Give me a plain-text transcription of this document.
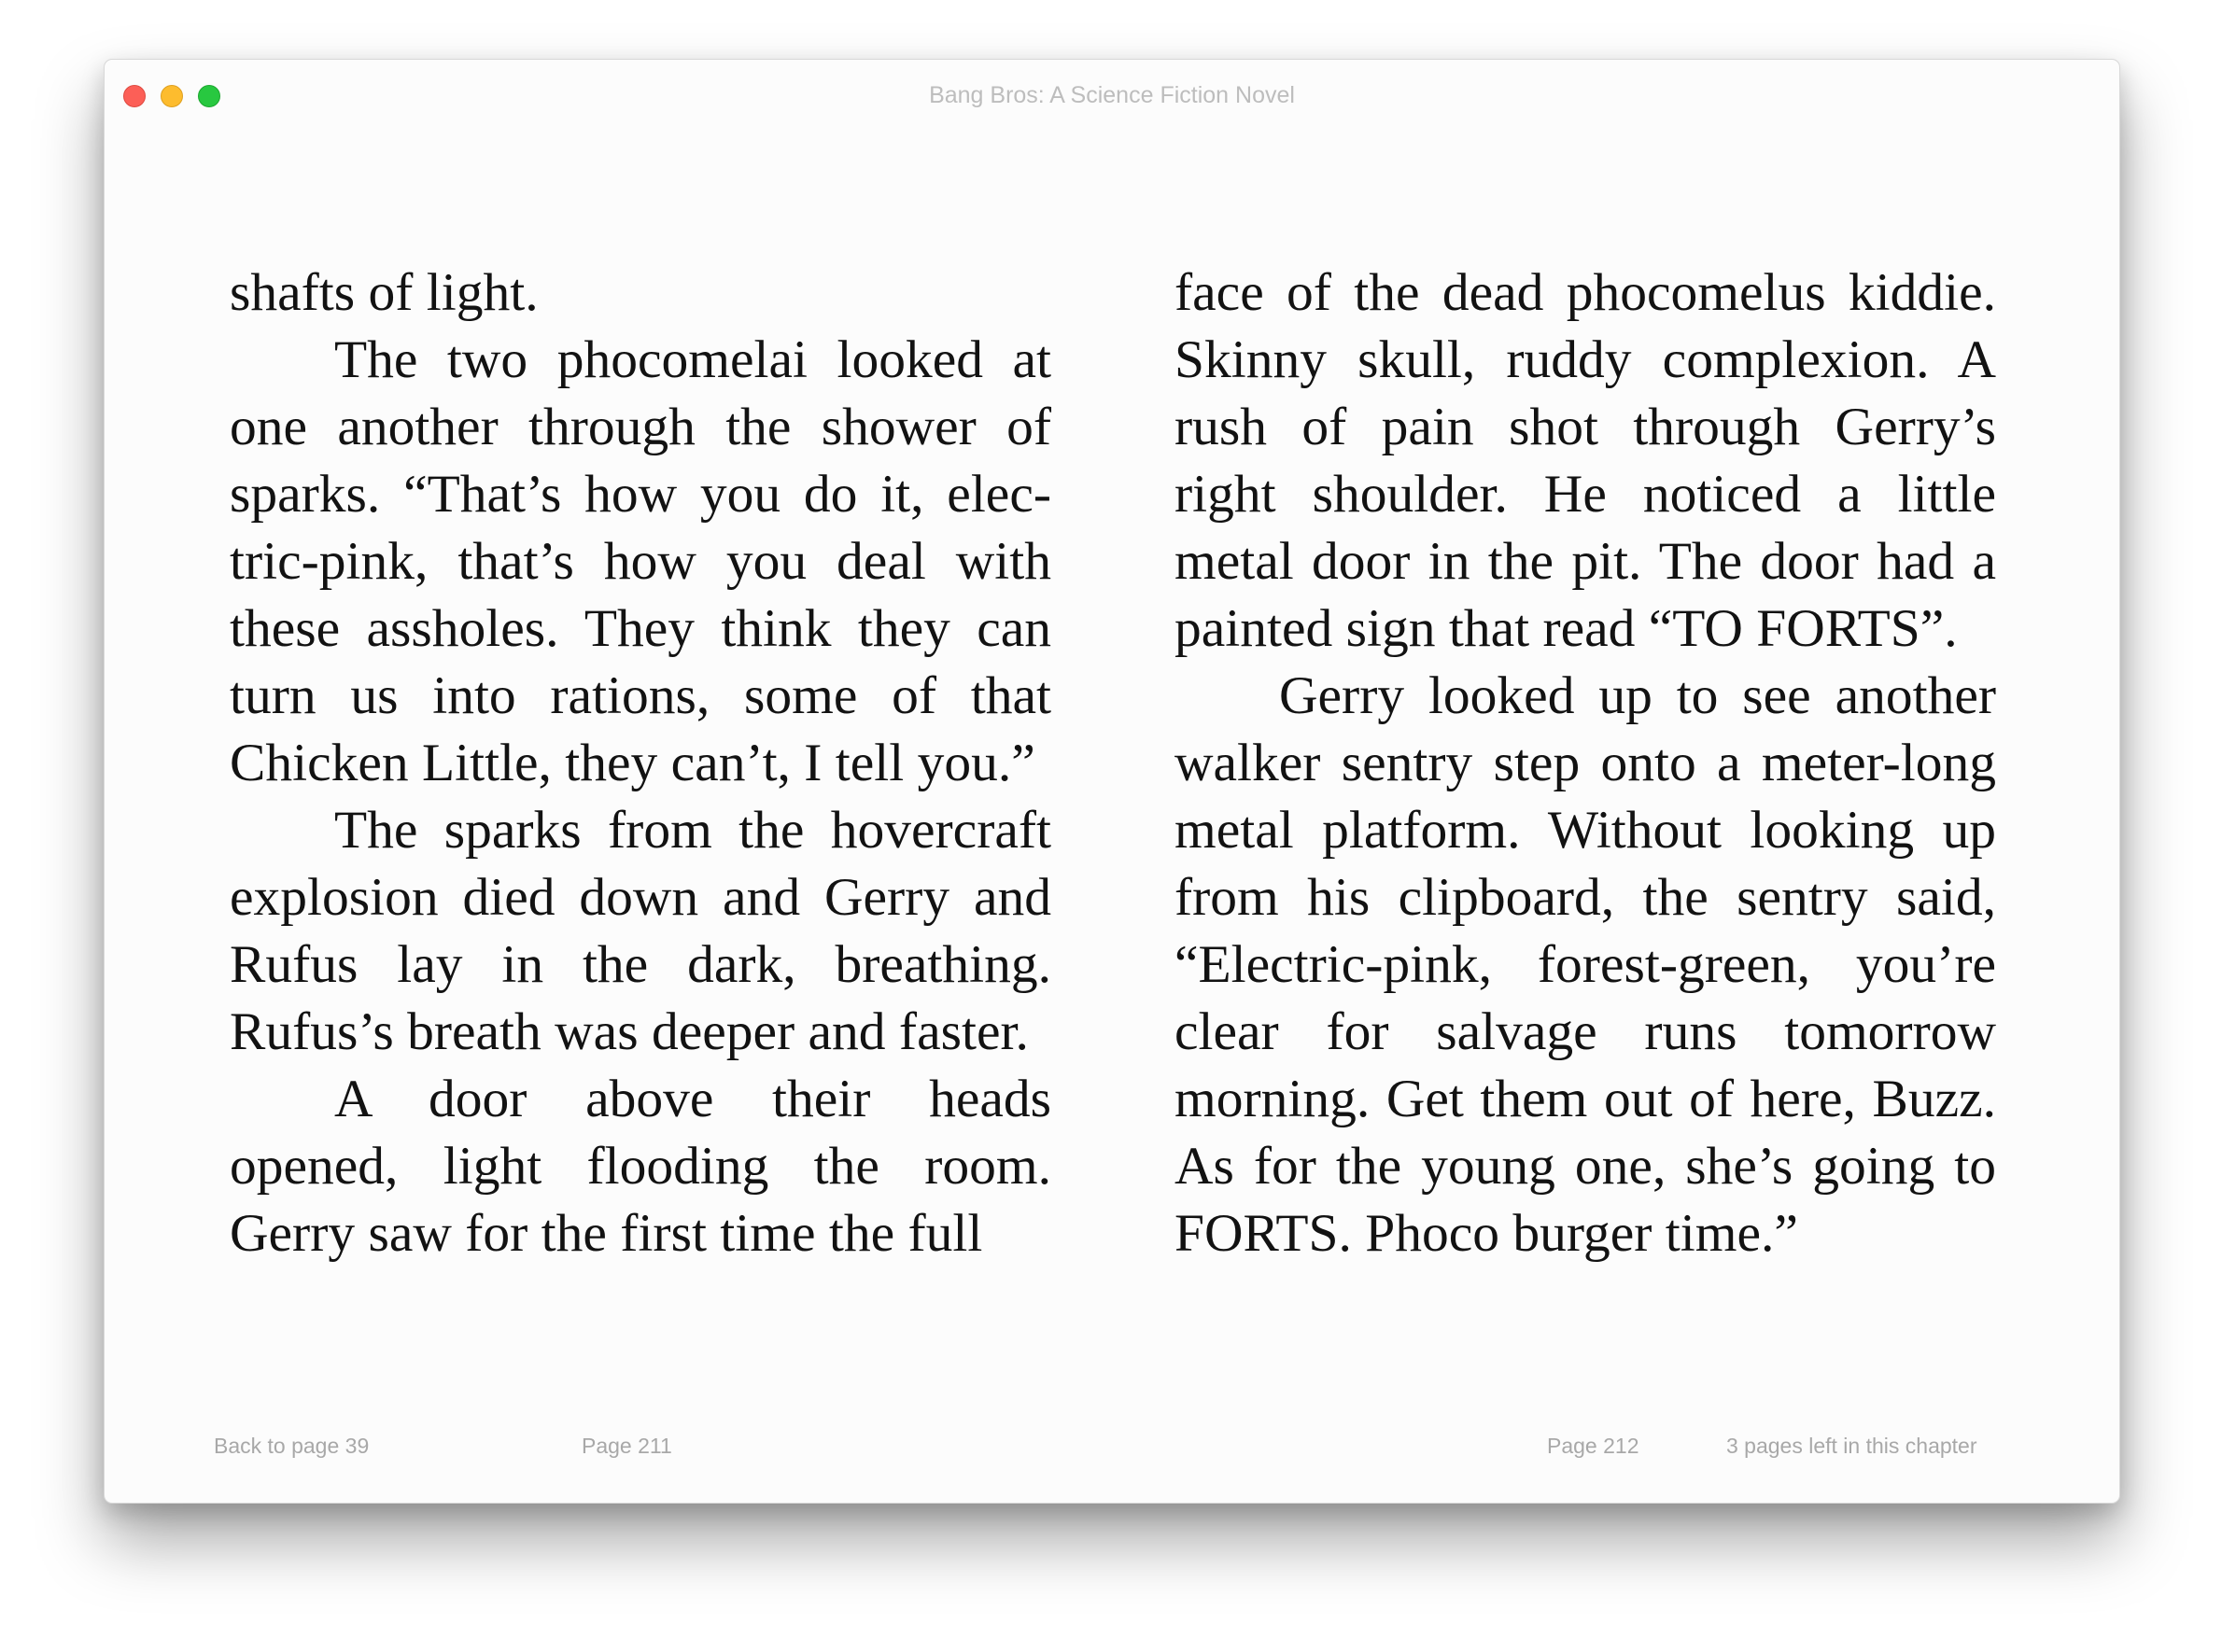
Bang Bros: A Science Fiction Novel

shafts of light.

The two phocomelai looked at one another through the shower of sparks. “That’s how you do it, electric-pink, that’s how you deal with these assholes. They think they can turn us into rations, some of that Chicken Little, they can’t, I tell you.”

The sparks from the hovercraft explosion died down and Gerry and Rufus lay in the dark, breathing. Rufus’s breath was deeper and faster.

A door above their heads opened, light flooding the room. Gerry saw for the first time the full

face of the dead phocomelus kiddie. Skinny skull, ruddy complexion. A rush of pain shot through Gerry’s right shoulder. He noticed a little metal door in the pit. The door had a painted sign that read “TO FORTS”.

Gerry looked up to see another walker sentry step onto a meter-long metal platform. Without looking up from his clipboard, the sentry said, “Electric-pink, forest-green, you’re clear for salvage runs tomorrow morning. Get them out of here, Buzz. As for the young one, she’s going to FORTS. Phoco burger time.”

Back to page 39	Page 211	Page 212	3 pages left in this chapter
